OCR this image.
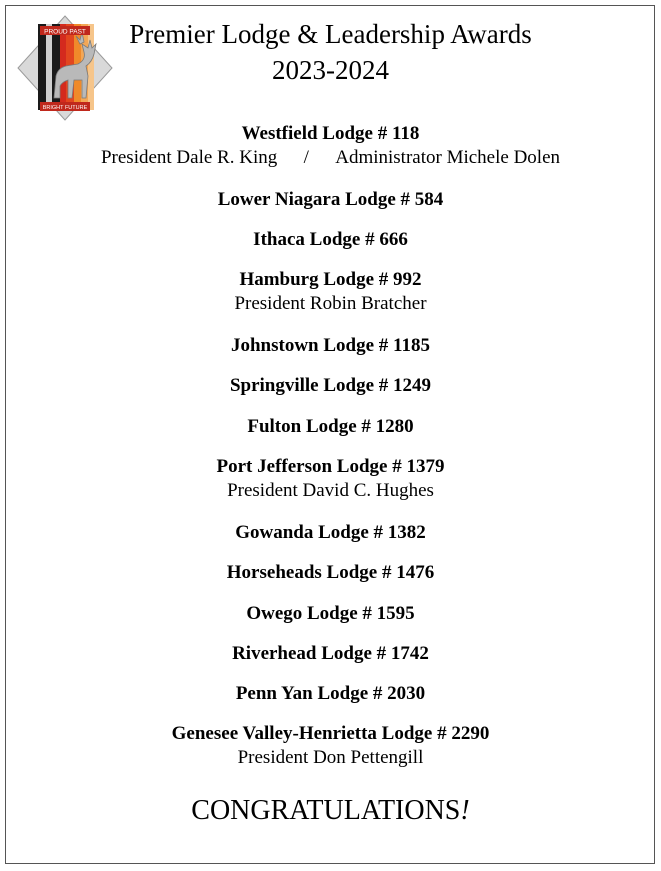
PROUD PAST
BRIGHT FUTURE
Premier Lodge & Leadership Awards
2023-2024
Westfield Lodge # 118
President Dale R. King / Administrator Michele Dolen
Lower Niagara Lodge # 584
Ithaca Lodge # 666
Hamburg Lodge # 992
President Robin Bratcher
Johnstown Lodge # 1185
Springville Lodge # 1249
Fulton Lodge # 1280
Port Jefferson Lodge # 1379
President David C. Hughes
Gowanda Lodge # 1382
Horseheads Lodge # 1476
Owego Lodge # 1595
Riverhead Lodge # 1742
Penn Yan Lodge # 2030
Genesee Valley-Henrietta Lodge # 2290
President Don Pettengill
CONGRATULATIONS!
